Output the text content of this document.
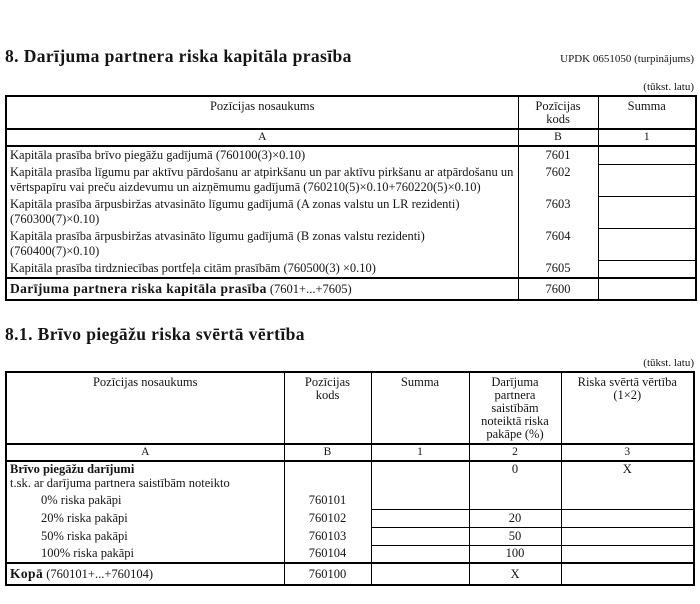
8. Darījuma partnera riska kapitāla prasība	UPDK 0651050 (turpinājums)
(tūkst. latu)
Pozīcijas nosaukums	Pozīcijas kods	Summa
A	B	1
Kapitāla prasība brīvo piegāžu gadījumā (760100(3)×0.10)	7601	
Kapitāla prasība līgumu par aktīvu pārdošanu ar atpirkšanu un par aktīvu pirkšanu ar atpārdošanu un vērtspapīru vai preču aizdevumu un aizņēmumu gadījumā (760210(5)×0.10+760220(5)×0.10)	7602	
Kapitāla prasība ārpusbiržas atvasināto līgumu gadījumā (A zonas valstu un LR rezidenti) (760300(7)×0.10)	7603	
Kapitāla prasība ārpusbiržas atvasināto līgumu gadījumā (B zonas valstu rezidenti) (760400(7)×0.10)	7604	
Kapitāla prasība tirdzniecības portfeļa citām prasībām (760500(3) ×0.10)	7605	
Darījuma partnera riska kapitāla prasība (7601+...+7605)	7600	
8.1. Brīvo piegāžu riska svērtā vērtība
(tūkst. latu)
Pozīcijas nosaukums	Pozīcijas kods	Summa	Darījuma partnera saistībām noteiktā riska pakāpe (%)	Riska svērtā vērtība (1×2)

A	B	1	2	3
Brīvo piegāžu darījumi			0	X
t.sk. ar darījuma partnera saistībām noteikto				
0% riska pakāpi	760101			
20% riska pakāpi	760102		20	
50% riska pakāpi	760103		50	
100% riska pakāpi	760104		100	
Kopā (760101+...+760104)	760100		X	
